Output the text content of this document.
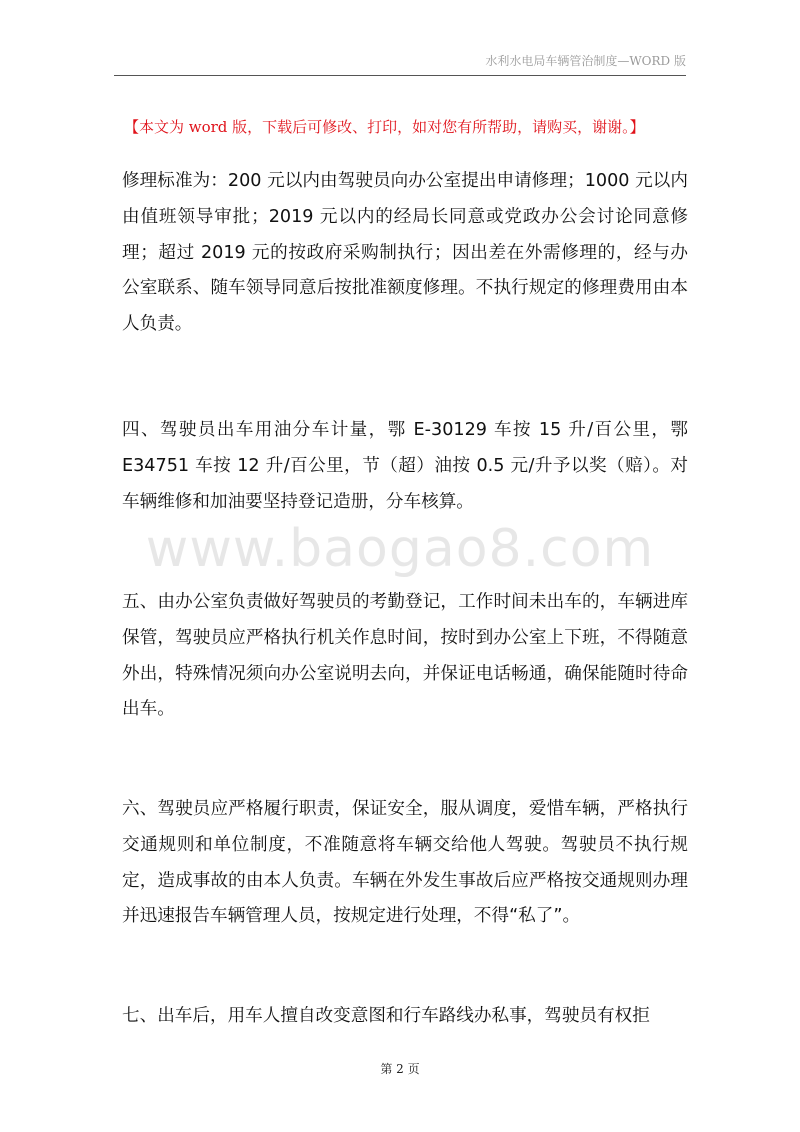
水利水电局车辆管治制度—WORD 版
【本文为 word 版，下载后可修改、打印，如对您有所帮助，请购买，谢谢。】
修理标准为：200 元以内由驾驶员向办公室提出申请修理；1000 元以内由值班领导审批；2019 元以内的经局长同意或党政办公会讨论同意修理；超过 2019 元的按政府采购制执行；因出差在外需修理的，经与办公室联系、随车领导同意后按批准额度修理。不执行规定的修理费用由本人负责。
四、驾驶员出车用油分车计量，鄂 E-30129 车按 15 升/百公里，鄂 E34751 车按 12 升/百公里，节（超）油按 0.5 元/升予以奖（赔）。对车辆维修和加油要坚持登记造册，分车核算。
www.baogao8.com
五、由办公室负责做好驾驶员的考勤登记，工作时间未出车的，车辆进库保管，驾驶员应严格执行机关作息时间，按时到办公室上下班，不得随意外出，特殊情况须向办公室说明去向，并保证电话畅通，确保能随时待命出车。
六、驾驶员应严格履行职责，保证安全，服从调度，爱惜车辆，严格执行交通规则和单位制度，不准随意将车辆交给他人驾驶。驾驶员不执行规定，造成事故的由本人负责。车辆在外发生事故后应严格按交通规则办理并迅速报告车辆管理人员，按规定进行处理，不得“私了”。
七、出车后，用车人擅自改变意图和行车路线办私事，驾驶员有权拒
第 2 页
